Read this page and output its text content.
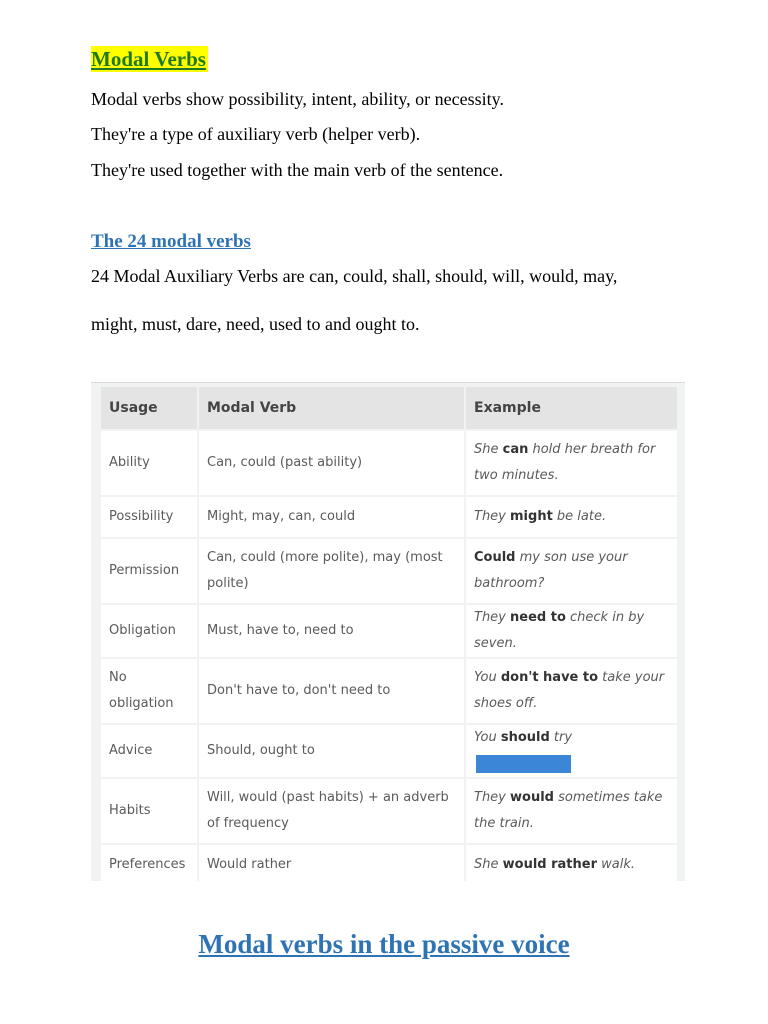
Modal Verbs
Modal verbs show possibility, intent, ability, or necessity.
They're a type of auxiliary verb (helper verb).
They're used together with the main verb of the sentence.
The 24 modal verbs
24 Modal Auxiliary Verbs are can, could, shall, should, will, would, may,
might, must, dare, need, used to and ought to.
Usage	Modal Verb	Example
Ability	Can, could (past ability)	She can hold her breath for two minutes.
Possibility	Might, may, can, could	They might be late.
Permission	Can, could (more polite), may (most polite)	Could my son use your bathroom?
Obligation	Must, have to, need to	They need to check in by seven.
No obligation	Don't have to, don't need to	You don't have to take your shoes off.
Advice	Should, ought to	You should try
Habits	Will, would (past habits) + an adverb of frequency	They would sometimes take the train.
Preferences	Would rather	She would rather walk.
Modal verbs in the passive voice
